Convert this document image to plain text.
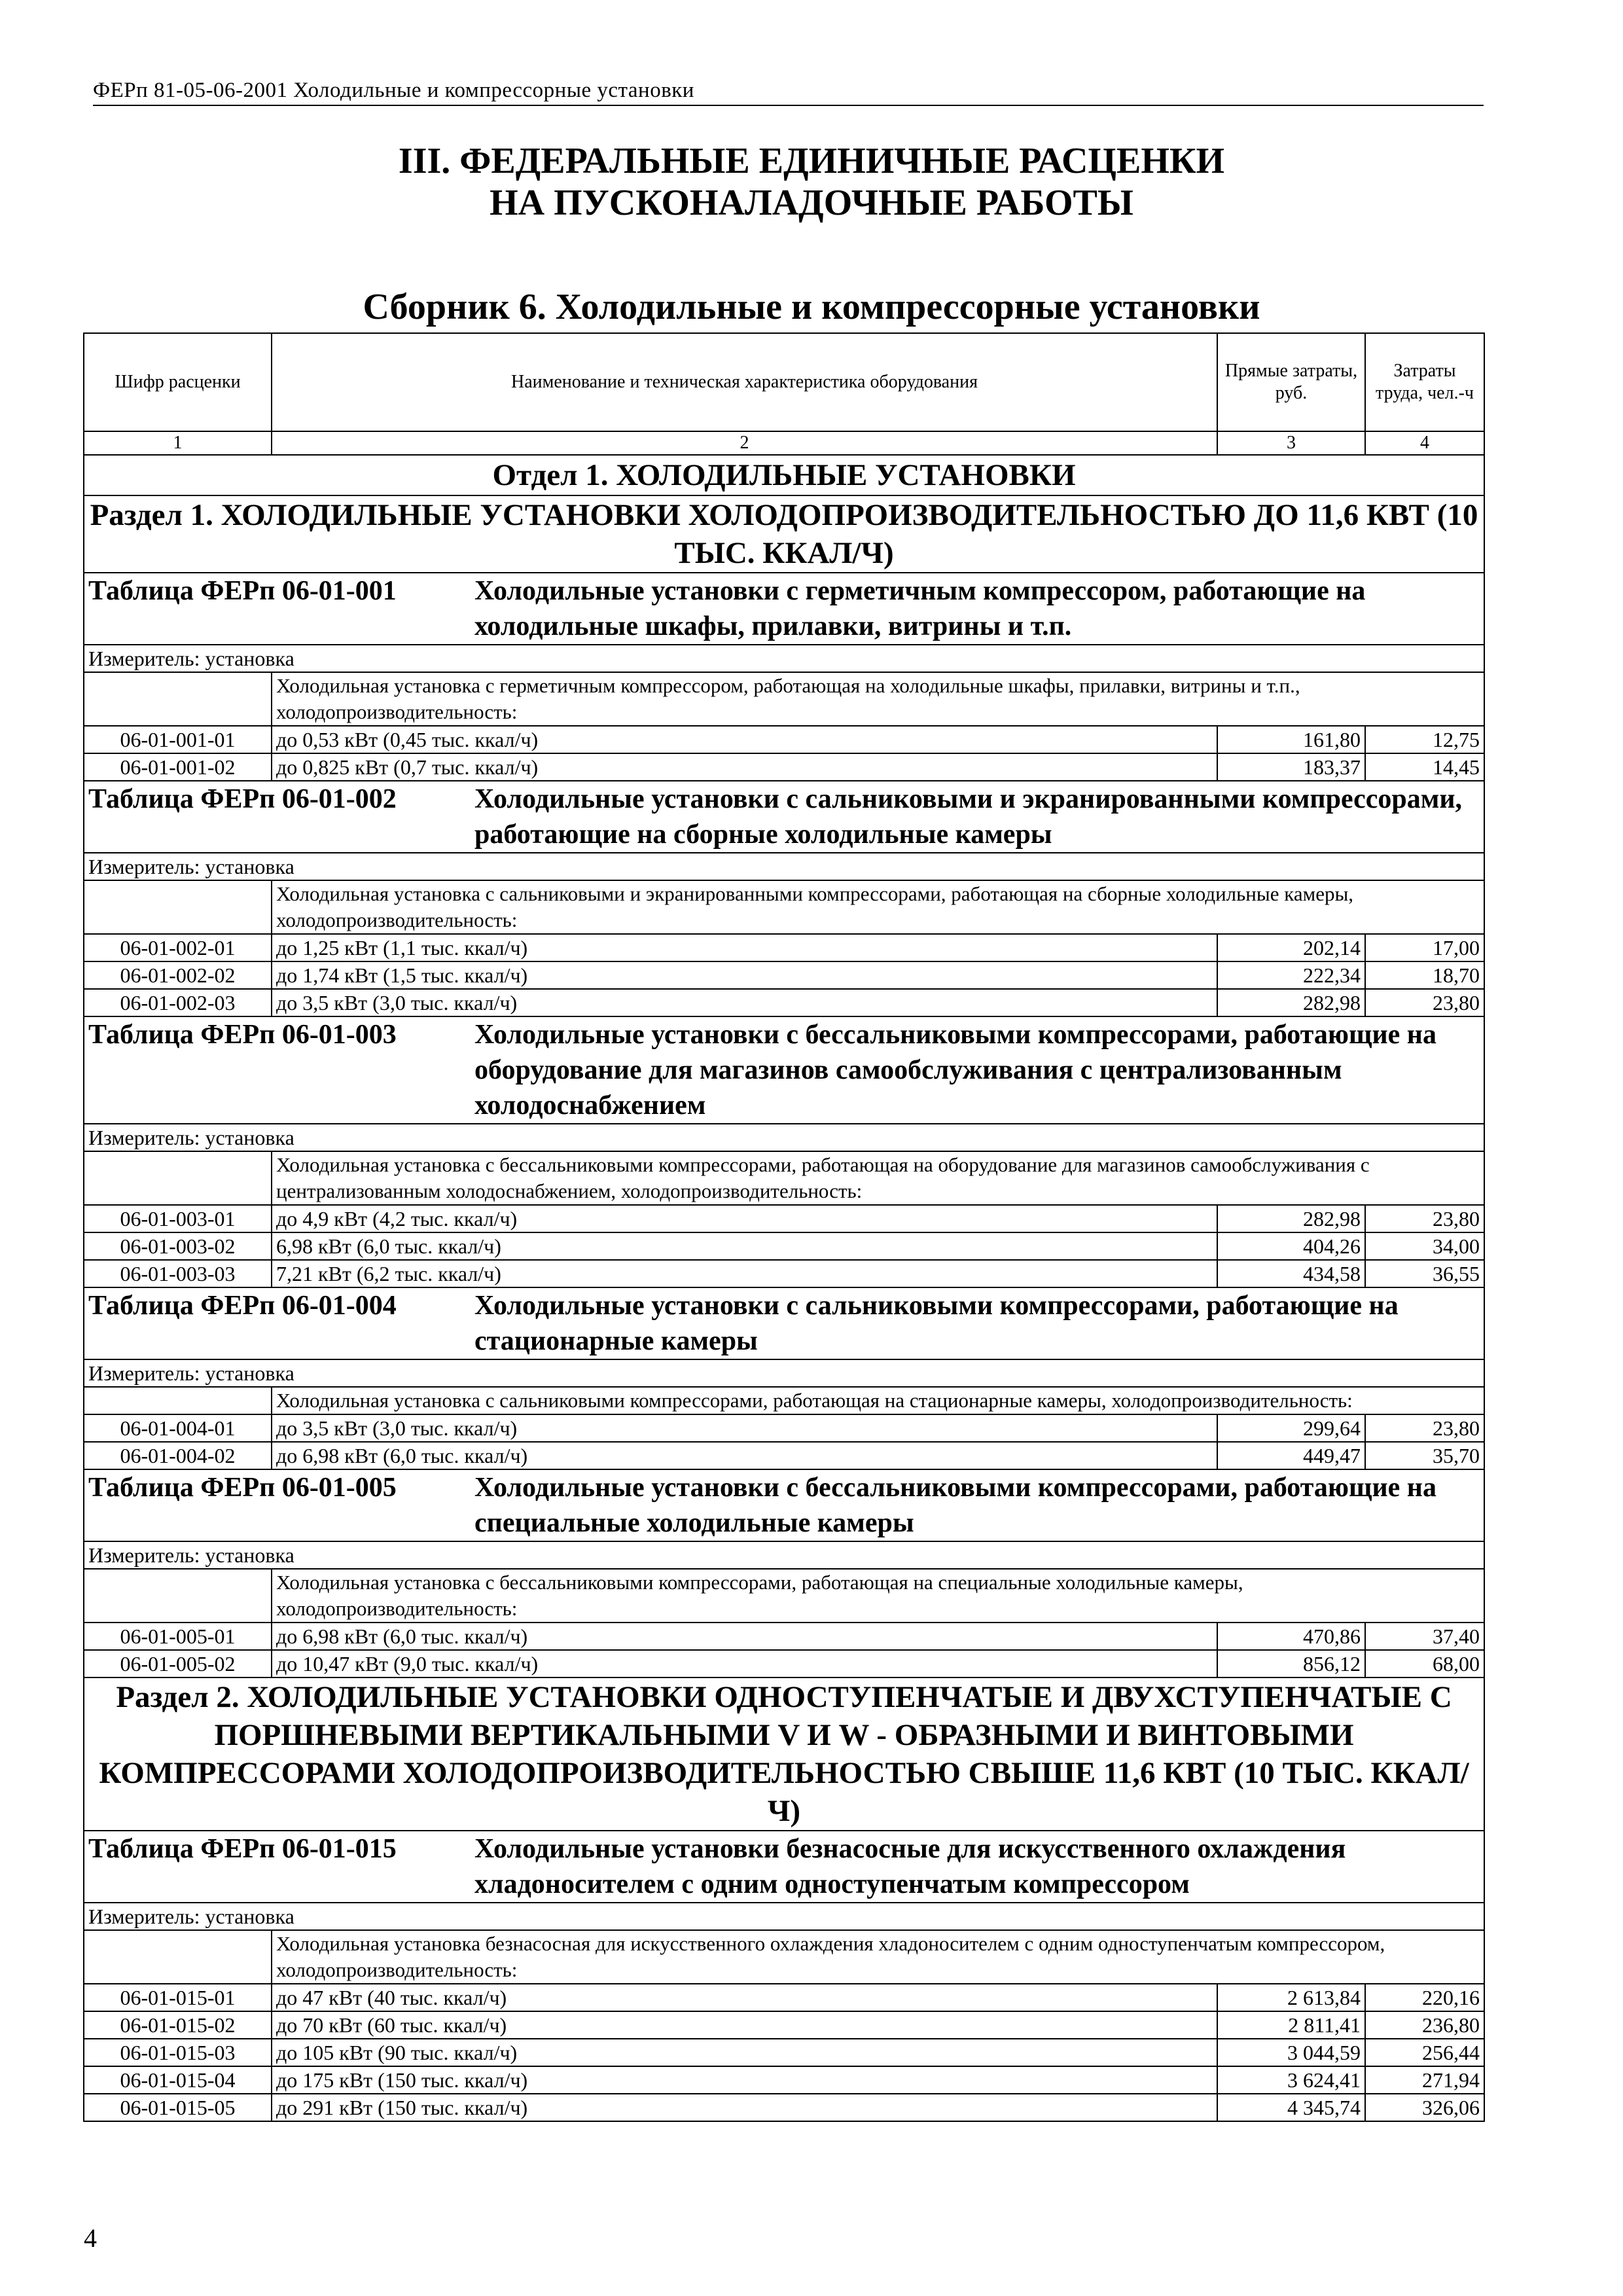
ФЕРп 81-05-06-2001 Холодильные и компрессорные установки
III. ФЕДЕРАЛЬНЫЕ ЕДИНИЧНЫЕ РАСЦЕНКИ
НА ПУСКОНАЛАДОЧНЫЕ РАБОТЫ
Сборник 6. Холодильные и компрессорные установки
Шифр расценки	Наименование и техническая характеристика оборудования	Прямые затраты, руб.	Затраты труда, чел.-ч
1	2	3	4
Отдел 1. ХОЛОДИЛЬНЫЕ УСТАНОВКИ			
Раздел 1. ХОЛОДИЛЬНЫЕ УСТАНОВКИ ХОЛОДОПРОИЗВОДИТЕЛЬНОСТЬЮ ДО 11,6 КВТ (10 ТЫС. ККАЛ/Ч)			

Таблица ФЕРп 06-01-001 Холодильные установки с герметичным компрессором, работающие на холодильные шкафы, прилавки, витрины и т.п.			

Измеритель: установка			
	Холодильная установка с герметичным компрессором, работающая на холодильные шкафы, прилавки, витрины и т.п., холодопроизводительность:		
06-01-001-01	до 0,53 кВт (0,45 тыс. ккал/ч)	161,80	12,75
06-01-001-02	до 0,825 кВт (0,7 тыс. ккал/ч)	183,37	14,45

Таблица ФЕРп 06-01-002 Холодильные установки с сальниковыми и экранированными компрессорами, работающие на сборные холодильные камеры			

Измеритель: установка			
	Холодильная установка с сальниковыми и экранированными компрессорами, работающая на сборные холодильные камеры, холодопроизводительность:		
06-01-002-01	до 1,25 кВт (1,1 тыс. ккал/ч)	202,14	17,00
06-01-002-02	до 1,74 кВт (1,5 тыс. ккал/ч)	222,34	18,70
06-01-002-03	до 3,5 кВт (3,0 тыс. ккал/ч)	282,98	23,80

Таблица ФЕРп 06-01-003 Холодильные установки с бессальниковыми компрессорами, работающие на оборудование для магазинов самообслуживания с централизованным холодоснабжением			

Измеритель: установка			
	Холодильная установка с бессальниковыми компрессорами, работающая на оборудование для магазинов самообслуживания с централизованным холодоснабжением, холодопроизводительность:		
06-01-003-01	до 4,9 кВт (4,2 тыс. ккал/ч)	282,98	23,80
06-01-003-02	6,98 кВт (6,0 тыс. ккал/ч)	404,26	34,00
06-01-003-03	7,21 кВт (6,2 тыс. ккал/ч)	434,58	36,55

Таблица ФЕРп 06-01-004 Холодильные установки с сальниковыми компрессорами, работающие на стационарные камеры			

Измеритель: установка			
	Холодильная установка с сальниковыми компрессорами, работающая на стационарные камеры, холодопроизводительность:		
06-01-004-01	до 3,5 кВт (3,0 тыс. ккал/ч)	299,64	23,80
06-01-004-02	до 6,98 кВт (6,0 тыс. ккал/ч)	449,47	35,70

Таблица ФЕРп 06-01-005 Холодильные установки с бессальниковыми компрессорами, работающие на специальные холодильные камеры			

Измеритель: установка			
	Холодильная установка с бессальниковыми компрессорами, работающая на специальные холодильные камеры, холодопроизводительность:		
06-01-005-01	до 6,98 кВт (6,0 тыс. ккал/ч)	470,86	37,40
06-01-005-02	до 10,47 кВт (9,0 тыс. ккал/ч)	856,12	68,00
Раздел 2. ХОЛОДИЛЬНЫЕ УСТАНОВКИ ОДНОСТУПЕНЧАТЫЕ И ДВУХСТУПЕНЧАТЫЕ С ПОРШНЕВЫМИ ВЕРТИКАЛЬНЫМИ V И W - ОБРАЗНЫМИ И ВИНТОВЫМИ КОМПРЕССОРАМИ ХОЛОДОПРОИЗВОДИТЕЛЬНОСТЬЮ СВЫШЕ 11,6 КВТ (10 ТЫС. ККАЛ/Ч)			

Таблица ФЕРп 06-01-015 Холодильные установки безнасосные для искусственного охлаждения хладоносителем с одним одноступенчатым компрессором			

Измеритель: установка			
	Холодильная установка безнасосная для искусственного охлаждения хладоносителем с одним одноступенчатым компрессором, холодопроизводительность:		
06-01-015-01	до 47 кВт (40 тыс. ккал/ч)	2 613,84	220,16
06-01-015-02	до 70 кВт (60 тыс. ккал/ч)	2 811,41	236,80
06-01-015-03	до 105 кВт (90 тыс. ккал/ч)	3 044,59	256,44
06-01-015-04	до 175 кВт (150 тыс. ккал/ч)	3 624,41	271,94
06-01-015-05	до 291 кВт (150 тыс. ккал/ч)	4 345,74	326,06
4
